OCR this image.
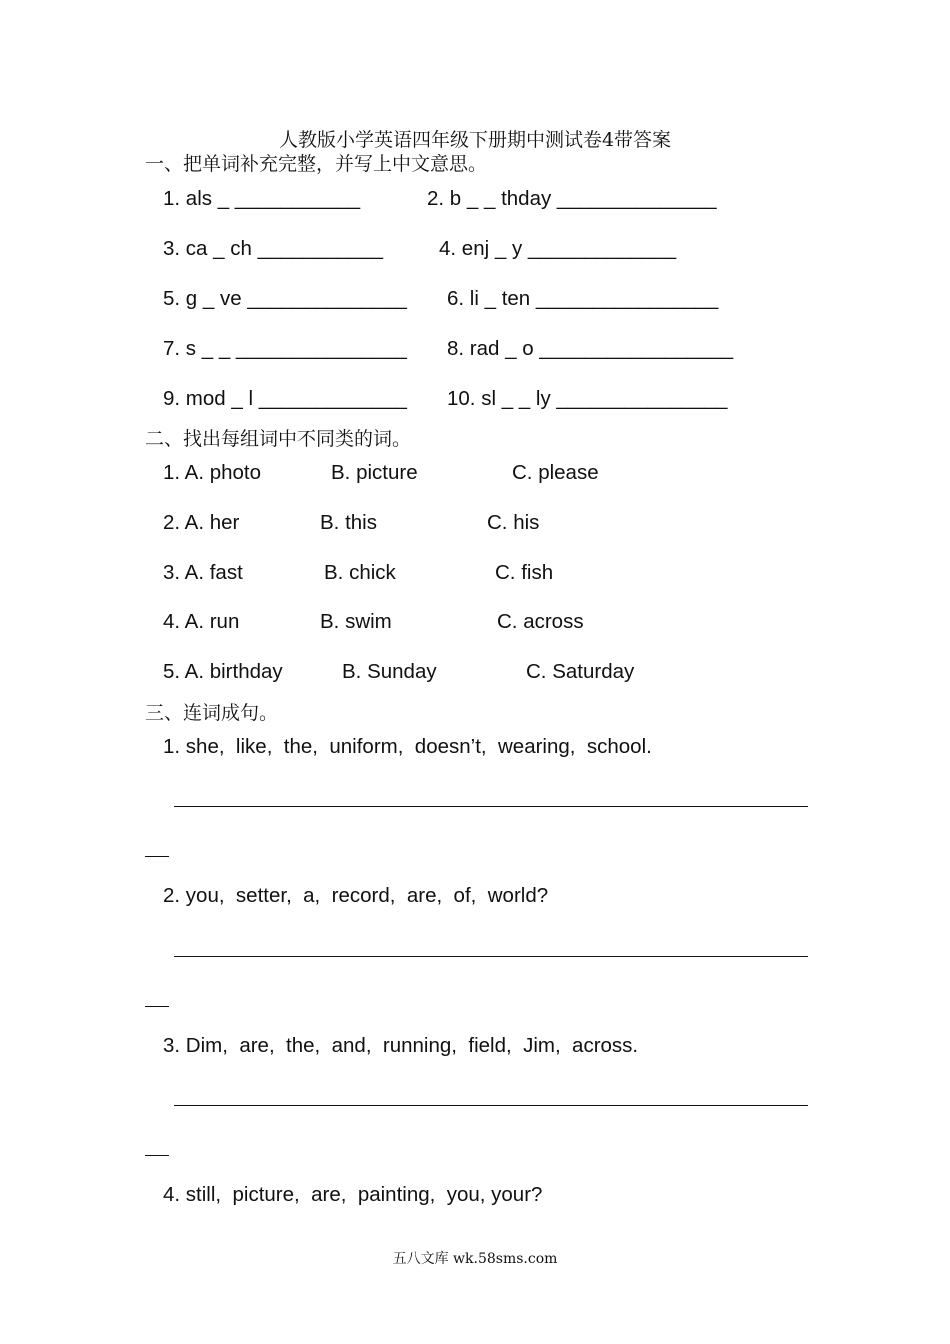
人教版小学英语四年级下册期中测试卷4带答案
一、把单词补充完整，并写上中文意思。
1. als _ ___________	2. b _ _ thday ______________
3. ca _ ch ___________	4. enj _ y _____________
5. g _ ve ______________ 6. li _ ten ________________
7. s _ _ _______________ 8. rad _ o _________________
9. mod _ l _____________ 10. sl _ _ ly _______________
二、找出每组词中不同类的词。
1. A. photo	B. picture	C. please
2. A. her	B. this	C. his
3. A. fast	B. chick	C. fish
4. A. run	B. swim	C. across
5. A. birthday	B. Sunday	C. Saturday
三、连词成句。
1. she,  like,  the,  uniform,  doesn’t,  wearing,  school.
2. you,  setter,  a,  record,  are,  of,  world?
3. Dim,  are,  the,  and,  running,  field,  Jim,  across.
4. still,  picture,  are,  painting,  you, your?
五八文库 wk.58sms.com
